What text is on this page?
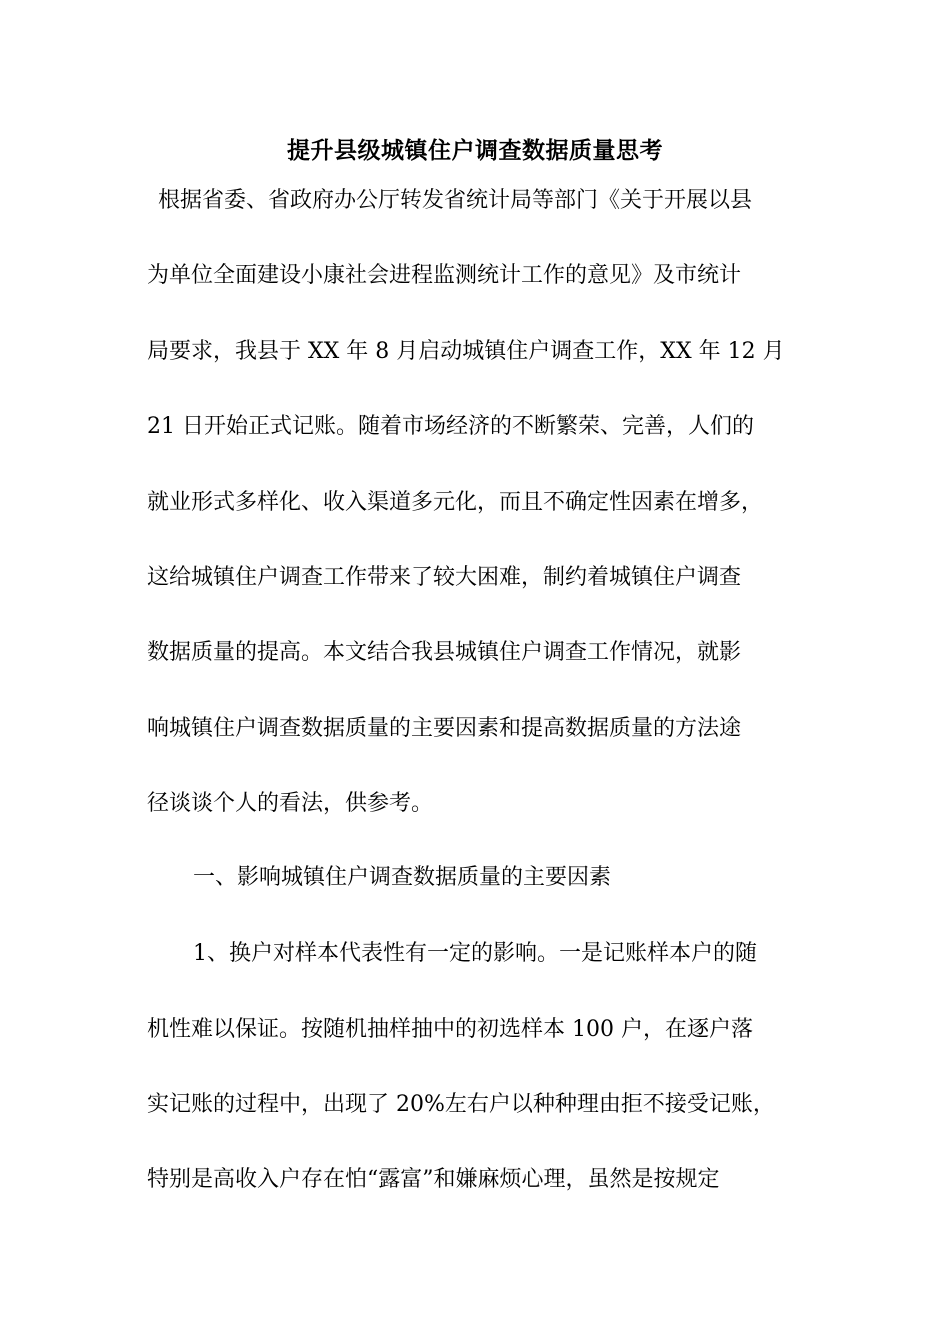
提升县级城镇住户调查数据质量思考
根据省委、省政府办公厅转发省统计局等部门《关于开展以县
为单位全面建设小康社会进程监测统计工作的意见》及市统计
局要求，我县于 XX 年 8 月启动城镇住户调查工作，XX 年 12 月
21 日开始正式记账。随着市场经济的不断繁荣、完善，人们的
就业形式多样化、收入渠道多元化，而且不确定性因素在增多，
这给城镇住户调查工作带来了较大困难，制约着城镇住户调查
数据质量的提高。本文结合我县城镇住户调查工作情况，就影
响城镇住户调查数据质量的主要因素和提高数据质量的方法途
径谈谈个人的看法，供参考。
一、影响城镇住户调查数据质量的主要因素
1、换户对样本代表性有一定的影响。一是记账样本户的随
机性难以保证。按随机抽样抽中的初选样本 100 户，在逐户落
实记账的过程中，出现了 20%左右户以种种理由拒不接受记账，
特别是高收入户存在怕“露富”和嫌麻烦心理，虽然是按规定
